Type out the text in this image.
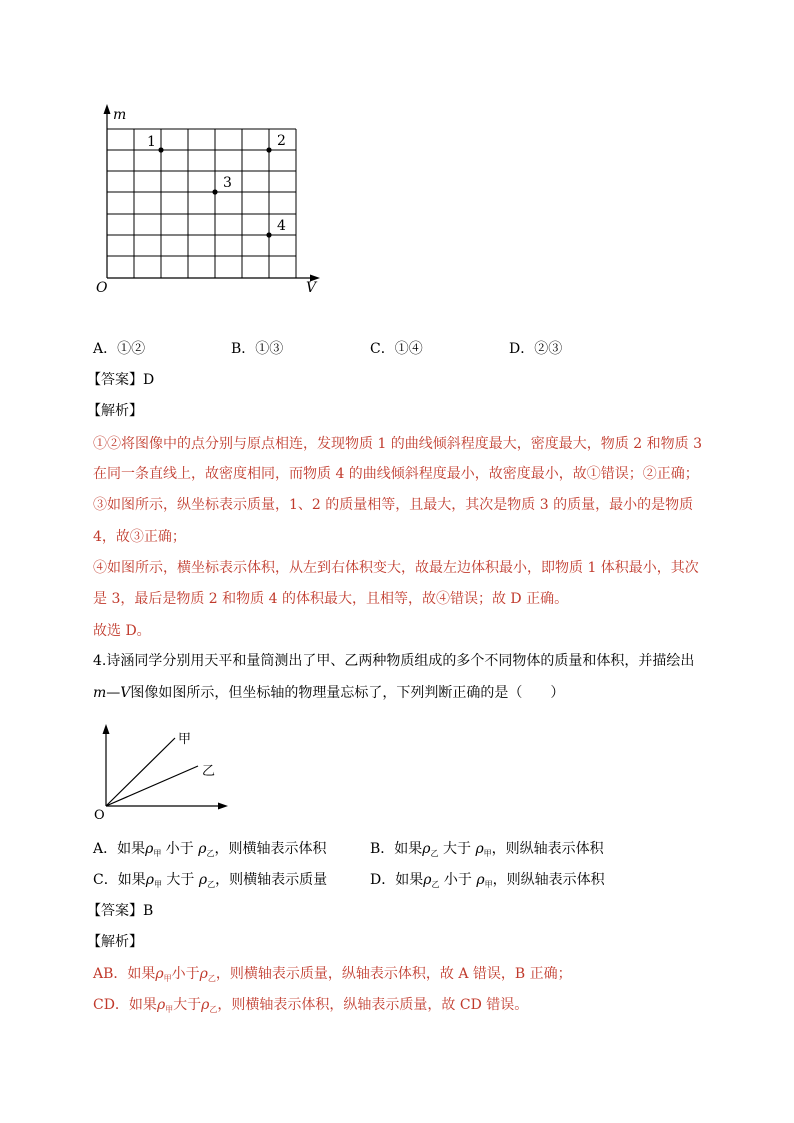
m
V
O
1	2
3
4
A．①②	B．①③	C．①④	D．②③
【答案】D
【解析】
①②将图像中的点分别与原点相连，发现物质 1 的曲线倾斜程度最大，密度最大，物质 2 和物质 3
在同一条直线上，故密度相同，而物质 4 的曲线倾斜程度最小，故密度最小，故①错误；②正确；
③如图所示，纵坐标表示质量，1、2 的质量相等，且最大，其次是物质 3 的质量，最小的是物质
4，故③正确；
④如图所示，横坐标表示体积，从左到右体积变大，故最左边体积最小，即物质 1 体积最小，其次
是 3，最后是物质 2 和物质 4 的体积最大，且相等，故④错误；故 D 正确。
故选 D。
4.诗涵同学分别用天平和量筒测出了甲、乙两种物质组成的多个不同物体的质量和体积，并描绘出
m—V图像如图所示，但坐标轴的物理量忘标了，下列判断正确的是（　　）
甲
乙
O
A．如果$\rho_甲$ 小于 $\rho_乙$，则横轴表示体积	B．如果$\rho_乙$ 大于 $\rho_甲$，则纵轴表示体积
C．如果$\rho_甲$ 大于 $\rho_乙$，则横轴表示质量	D．如果$\rho_乙$ 小于 $\rho_甲$，则纵轴表示体积
【答案】B
【解析】
AB．如果$\rho_甲$小于$\rho_乙$，则横轴表示质量，纵轴表示体积，故 A 错误，B 正确；
CD．如果$\rho_甲$大于$\rho_乙$，则横轴表示体积，纵轴表示质量，故 CD 错误。
